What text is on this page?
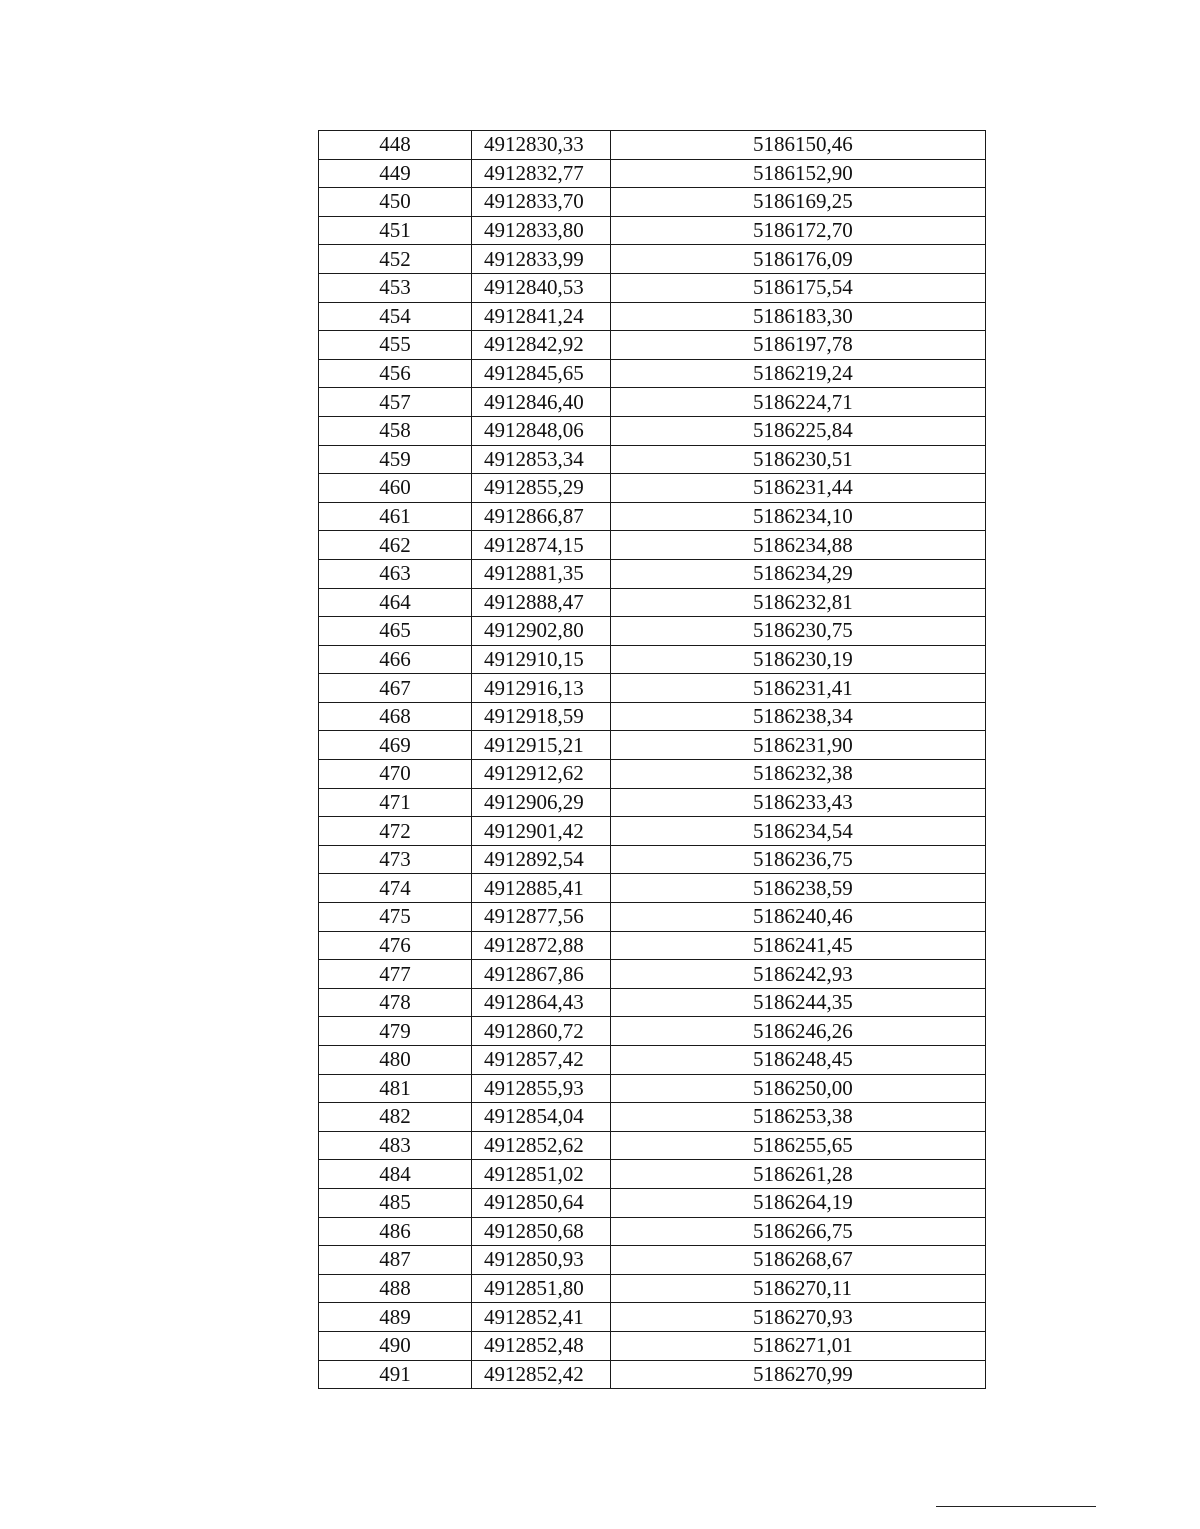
448	4912830,33	5186150,46
449	4912832,77	5186152,90
450	4912833,70	5186169,25
451	4912833,80	5186172,70
452	4912833,99	5186176,09
453	4912840,53	5186175,54
454	4912841,24	5186183,30
455	4912842,92	5186197,78
456	4912845,65	5186219,24
457	4912846,40	5186224,71
458	4912848,06	5186225,84
459	4912853,34	5186230,51
460	4912855,29	5186231,44
461	4912866,87	5186234,10
462	4912874,15	5186234,88
463	4912881,35	5186234,29
464	4912888,47	5186232,81
465	4912902,80	5186230,75
466	4912910,15	5186230,19
467	4912916,13	5186231,41
468	4912918,59	5186238,34
469	4912915,21	5186231,90
470	4912912,62	5186232,38
471	4912906,29	5186233,43
472	4912901,42	5186234,54
473	4912892,54	5186236,75
474	4912885,41	5186238,59
475	4912877,56	5186240,46
476	4912872,88	5186241,45
477	4912867,86	5186242,93
478	4912864,43	5186244,35
479	4912860,72	5186246,26
480	4912857,42	5186248,45
481	4912855,93	5186250,00
482	4912854,04	5186253,38
483	4912852,62	5186255,65
484	4912851,02	5186261,28
485	4912850,64	5186264,19
486	4912850,68	5186266,75
487	4912850,93	5186268,67
488	4912851,80	5186270,11
489	4912852,41	5186270,93
490	4912852,48	5186271,01
491	4912852,42	5186270,99
